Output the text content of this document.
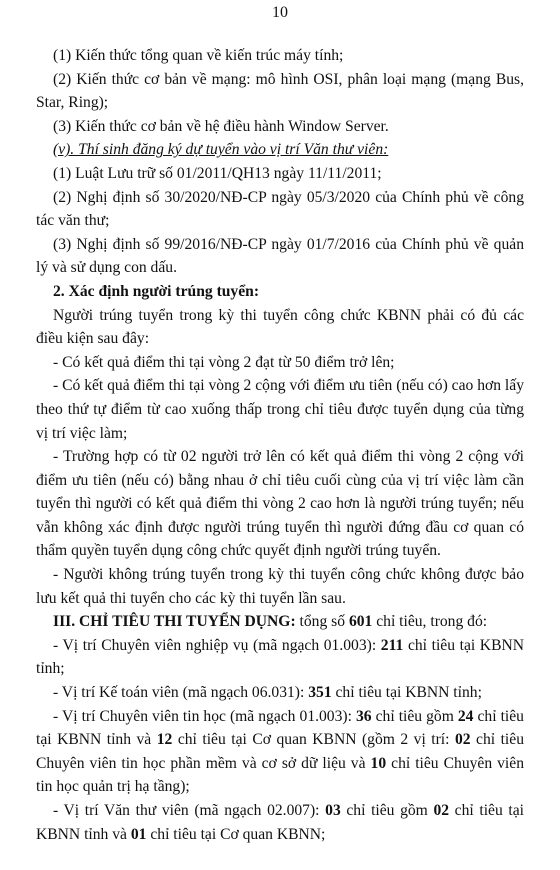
10

(1) Kiến thức tổng quan về kiến trúc máy tính;

(2) Kiến thức cơ bản về mạng: mô hình OSI, phân loại mạng (mạng Bus, Star, Ring);

(3) Kiến thức cơ bản về hệ điều hành Window Server.

(v). Thí sinh đăng ký dự tuyển vào vị trí Văn thư viên:

(1) Luật Lưu trữ số 01/2011/QH13 ngày 11/11/2011;

(2) Nghị định số 30/2020/NĐ-CP ngày 05/3/2020 của Chính phủ về công tác văn thư;

(3) Nghị định số 99/2016/NĐ-CP ngày 01/7/2016 của Chính phủ về quản lý và sử dụng con dấu.

2. Xác định người trúng tuyển:

Người trúng tuyển trong kỳ thi tuyển công chức KBNN phải có đủ các điều kiện sau đây:

- Có kết quả điểm thi tại vòng 2 đạt từ 50 điểm trở lên;

- Có kết quả điểm thi tại vòng 2 cộng với điểm ưu tiên (nếu có) cao hơn lấy theo thứ tự điểm từ cao xuống thấp trong chỉ tiêu được tuyển dụng của từng vị trí việc làm;

- Trường hợp có từ 02 người trở lên có kết quả điểm thi vòng 2 cộng với điểm ưu tiên (nếu có) bằng nhau ở chỉ tiêu cuối cùng của vị trí việc làm cần tuyển thì người có kết quả điểm thi vòng 2 cao hơn là người trúng tuyển; nếu vẫn không xác định được người trúng tuyển thì người đứng đầu cơ quan có thẩm quyền tuyển dụng công chức quyết định người trúng tuyển.

- Người không trúng tuyển trong kỳ thi tuyển công chức không được bảo lưu kết quả thi tuyển cho các kỳ thi tuyển lần sau.

III. CHỈ TIÊU THI TUYỂN DỤNG: tổng số 601 chỉ tiêu, trong đó:

- Vị trí Chuyên viên nghiệp vụ (mã ngạch 01.003): 211 chỉ tiêu tại KBNN tỉnh;

- Vị trí Kế toán viên (mã ngạch 06.031): 351 chỉ tiêu tại KBNN tỉnh;

- Vị trí Chuyên viên tin học (mã ngạch 01.003): 36 chỉ tiêu gồm 24 chỉ tiêu tại KBNN tỉnh và 12 chỉ tiêu tại Cơ quan KBNN (gồm 2 vị trí: 02 chỉ tiêu Chuyên viên tin học phần mềm và cơ sở dữ liệu và 10 chỉ tiêu Chuyên viên tin học quản trị hạ tầng);

- Vị trí Văn thư viên (mã ngạch 02.007): 03 chỉ tiêu gồm 02 chỉ tiêu tại KBNN tỉnh và 01 chỉ tiêu tại Cơ quan KBNN;
